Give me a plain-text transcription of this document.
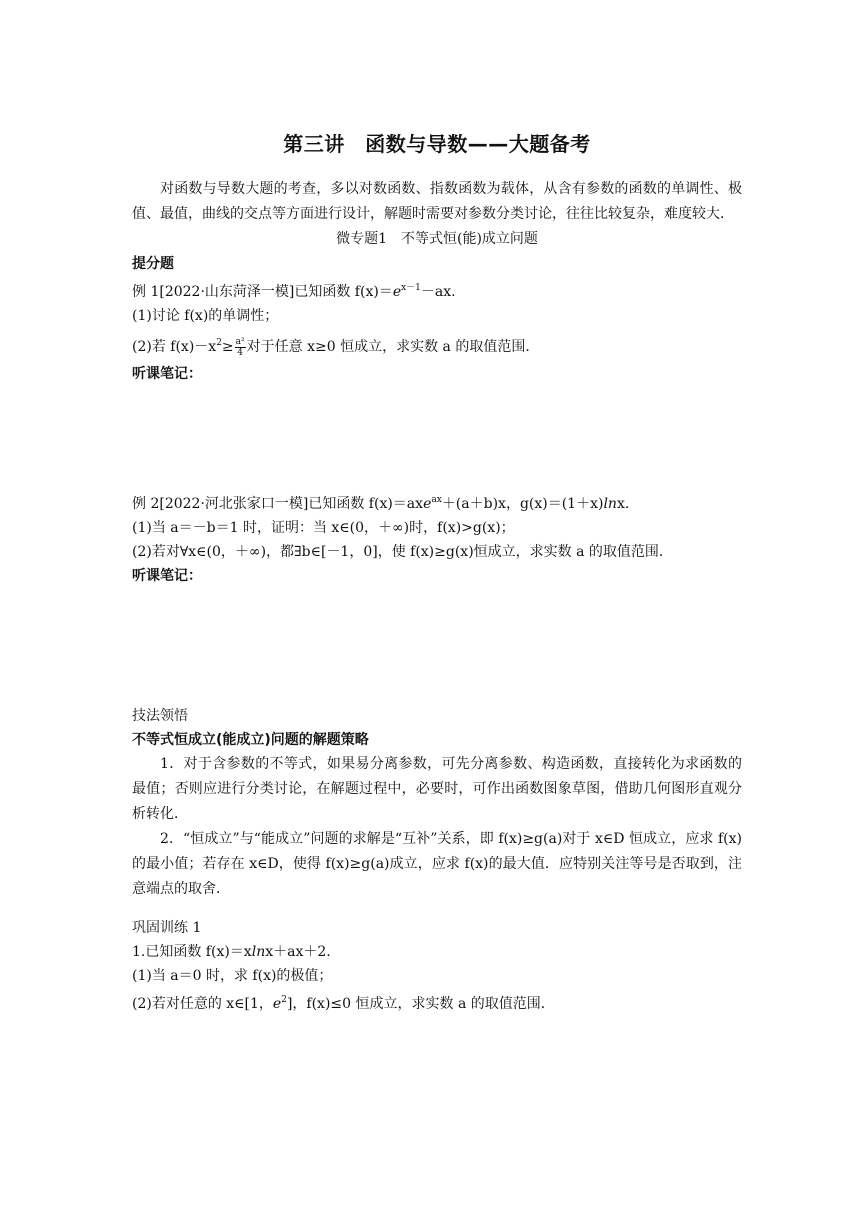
第三讲　函数与导数——大题备考

对函数与导数大题的考查，多以对数函数、指数函数为载体，从含有参数的函数的单调性、极值、最值，曲线的交点等方面进行设计，解题时需要对参数分类讨论，往往比较复杂，难度较大．

微专题1　不等式恒(能)成立问题

提分题

例 1[2022·山东菏泽一模]已知函数 $f(x)=e^{x-1}-ax$.

(1)讨论 f(x)的单调性；

(2)若 $f(x)-x^2\ge \frac{\text{a²}}{4}$ 对于任意 x≥0 恒成立，求实数 a 的取值范围．

听课笔记：

例 2[2022·河北张家口一模]已知函数 f(x)＝axe$^{ax}$＋(a＋b)x，g(x)＝(1＋x)lnx.

(1)当 a＝－b＝1 时，证明：当 x∈(0，＋∞)时，f(x)>g(x)；

(2)若对∀x∈(0，＋∞)，都∃b∈[－1，0]，使 f(x)≥g(x)恒成立，求实数 a 的取值范围．

听课笔记：

技法领悟

不等式恒成立(能成立)问题的解题策略

1．对于含参数的不等式，如果易分离参数，可先分离参数、构造函数，直接转化为求函数的最值；否则应进行分类讨论，在解题过程中，必要时，可作出函数图象草图，借助几何图形直观分析转化．

2．“恒成立”与“能成立”问题的求解是“互补”关系，即 f(x)≥g(a)对于 x∈D 恒成立，应求 f(x)的最小值；若存在 x∈D，使得 f(x)≥g(a)成立，应求 f(x)的最大值．应特别关注等号是否取到，注意端点的取舍．

巩固训练 1

1.已知函数 f(x)＝xlnx＋ax＋2.

(1)当 a＝0 时，求 f(x)的极值；

(2)若对任意的 x∈[1，$e^2$]，f(x)≤0 恒成立，求实数 a 的取值范围．
